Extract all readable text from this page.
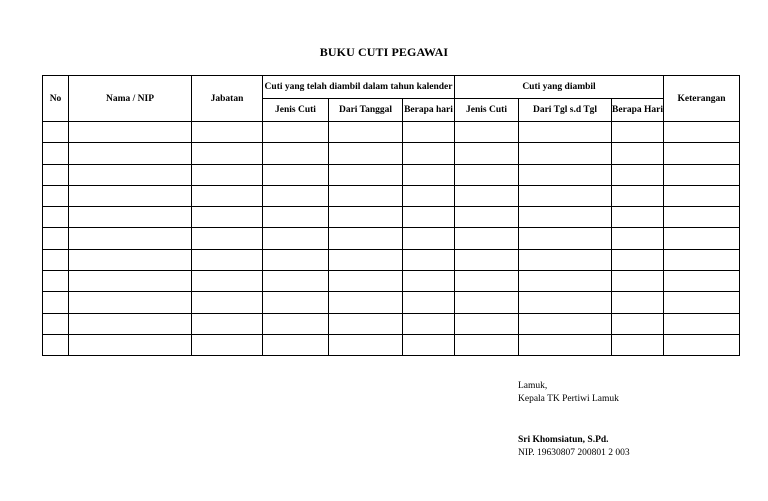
BUKU CUTI PEGAWAI
No	Nama / NIP	Jabatan	Cuti yang telah diambil dalam tahun kalender			Cuti yang diambil			Keterangan
			Jenis Cuti	Dari Tanggal	Berapa hari	Jenis Cuti	Dari Tgl s.d Tgl	Berapa Hari	

Lamuk,

Kepala TK Pertiwi Lamuk

Sri Khomsiatun, S.Pd.

NIP. 19630807 200801 2 003
